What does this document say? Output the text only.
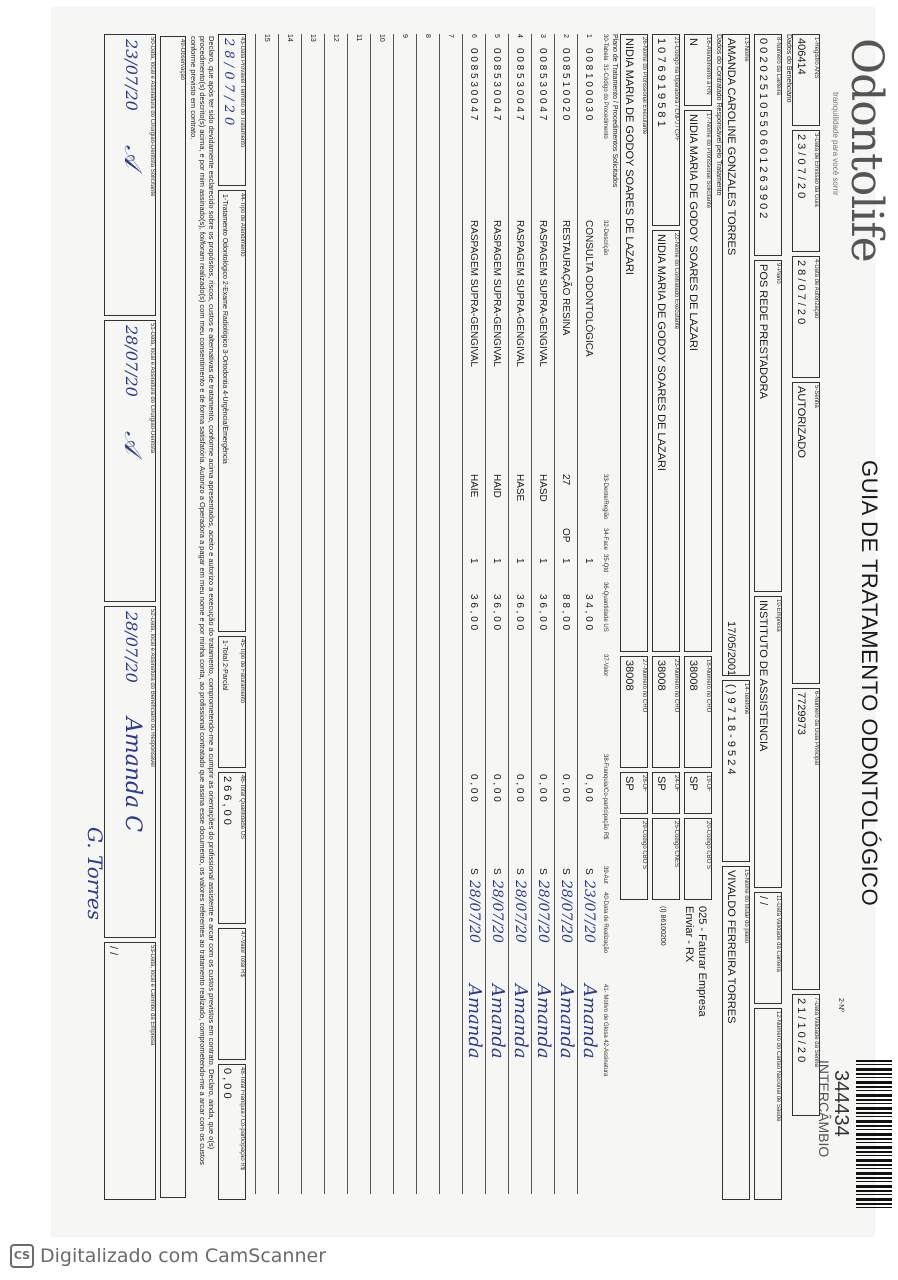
Odontolife
tranquilidade para você sorrir
GUIA DE TRATAMENTO ODONTOLÓGICO
2-Nº
344434
INTERCÂMBIO
1-Registro ANS
406414
3-Data de Emissão da Guia
2 3 / 0 7 / 2 0
4-Data de Autorização
2 8 / 0 7 / 2 0
5-Senha
AUTORIZADO
6-Número da Guia Principal
7729973
7-Data Validade da Senha
2 1 / 1 0 / 2 0
Dados do Beneficiário
8-Número da Carteira
0 0 2 0 2 5 1 0 5 5 0 6 0 1 2 6 3 9 0 2
9-Plano
POS REDE PRESTADORA
10-Empresa
INSTITUTO DE ASSISTENCIA
11-Data Validade da Carteira
/ /
12-Número do Cartão Nacional de Saúde
13-Nome
AMANDA CAROLINE GONZALES TORRES
17/05/2001
14-Telefone
( ) 9 7 1 8 - 9 5 2 4
15-Nome do titular do plano
VIVALDO FERREIRA TORRES
Dados do Contratado Responsável pelo Tratamento
16-Atendimento a RN
N
17-Nome do Profissional Solicitante
NIDIA MARIA DE GODOY SOARES DE LAZARI
18-Número no CRO
38008
19-UF
SP
20-Código CBO S
21-Código na Operadora / CNPJ / CPF
1 0 7 6 9 1 9 5 8 1
22-Nome do Contratado Executante
NIDIA MARIA DE GODOY SOARES DE LAZARI
23-Número no CRO
38008
24-UF
SP
25-Código CNES
025 - Faturar Empresa Enviar - RX
(I) 86100200
26-Nome do Profissional Executante
NIDIA MARIA DE GODOY SOARES DE LAZARI
27-Número no CRO
38008
28-UF
SP
29-Código CBO S
Plano de Tratamento / Procedimentos Solicitados
30-Tabela
31-Código do Procedimento
32-Descrição
33-Dente/Região
34-Face
35-Qtd
36-Quantidade US
37-Valor
38-Franquia/Co-participação R$
39-Aut
40-Data de Realização
41- Motivo de Glosa 42-Assinatura
1
0 0 8 1 0 0 0 3 0
CONSULTA ODONTOLÓGICA
1
3 4 , 0 0
0 , 0 0
S
23/07/20
Amanda
2
0 0 8 5 1 0 0 2 0
RESTAURAÇÃO RESINA
27
OP
1
8 8 , 0 0
0 , 0 0
S
28/07/20
Amanda
3
0 0 8 5 3 0 0 4 7
RASPAGEM SUPRA-GENGIVAL
HASD
1
3 6 , 0 0
0 , 0 0
S
28/07/20
Amanda
4
0 0 8 5 3 0 0 4 7
RASPAGEM SUPRA-GENGIVAL
HASE
1
3 6 , 0 0
0 , 0 0
S
28/07/20
Amanda
5
0 0 8 5 3 0 0 4 7
RASPAGEM SUPRA-GENGIVAL
HAID
1
3 6 , 0 0
0 , 0 0
S
28/07/20
Amanda
6
0 0 8 5 3 0 0 4 7
RASPAGEM SUPRA-GENGIVAL
HAIE
1
3 6 , 0 0
0 , 0 0
S
28/07/20
Amanda
7
8
9
10
11
12
13
14
15
43-Data Provável Término do Tratamento
2 8 / 0 7 / 2 0
44-Tipo de Atendimento
1-Tratamento Odontológico 2-Exame Radiológico 3-Ortodontia 4-Urgência/Emergência
45-Tipo de Faturamento
1-Total 2-Parcial
46-Total Quantidade US
2 6 6 , 0 0
47-Valor Total R$
48-Total Franquia / Co-participação R$
0 , 0 0
Declaro, que após ter sido devidamente esclarecido sobre os propósitos, riscos, custos e alternativas de tratamento, conforme acima apresentados, aceito e autorizo a execução do tratamento, comprometendo-me a cumprir as orientações do profissional assistente e arcar com os custos previstos em contrato. Declaro, ainda, que o(s) procedimento(s) descrito(s) acima, e por mim assinado(s), foi/foram realizado(s) com meu consentimento e de forma satisfatória. Autorizo a Operadora a pagar em meu nome e por minha conta, ao profissional contratado que assina esse documento, os valores referentes ao tratamento realizado, comprometendo-me a arcar com os custos conforme previsto em contrato.
49-Observação
50-Data, local e Assinatura do Cirurgião-Dentista Solicitante
23/07/20
𝒜
51-Data, local e Assinatura do Cirurgião-Dentista
28/07/20
𝒜
52-Data, local e Assinatura do Beneficiário ou Responsável
28/07/20
Amanda C
G. Torres
53-Data, local e Carimbo da Empresa
/ /
CS Digitalizado com CamScanner
